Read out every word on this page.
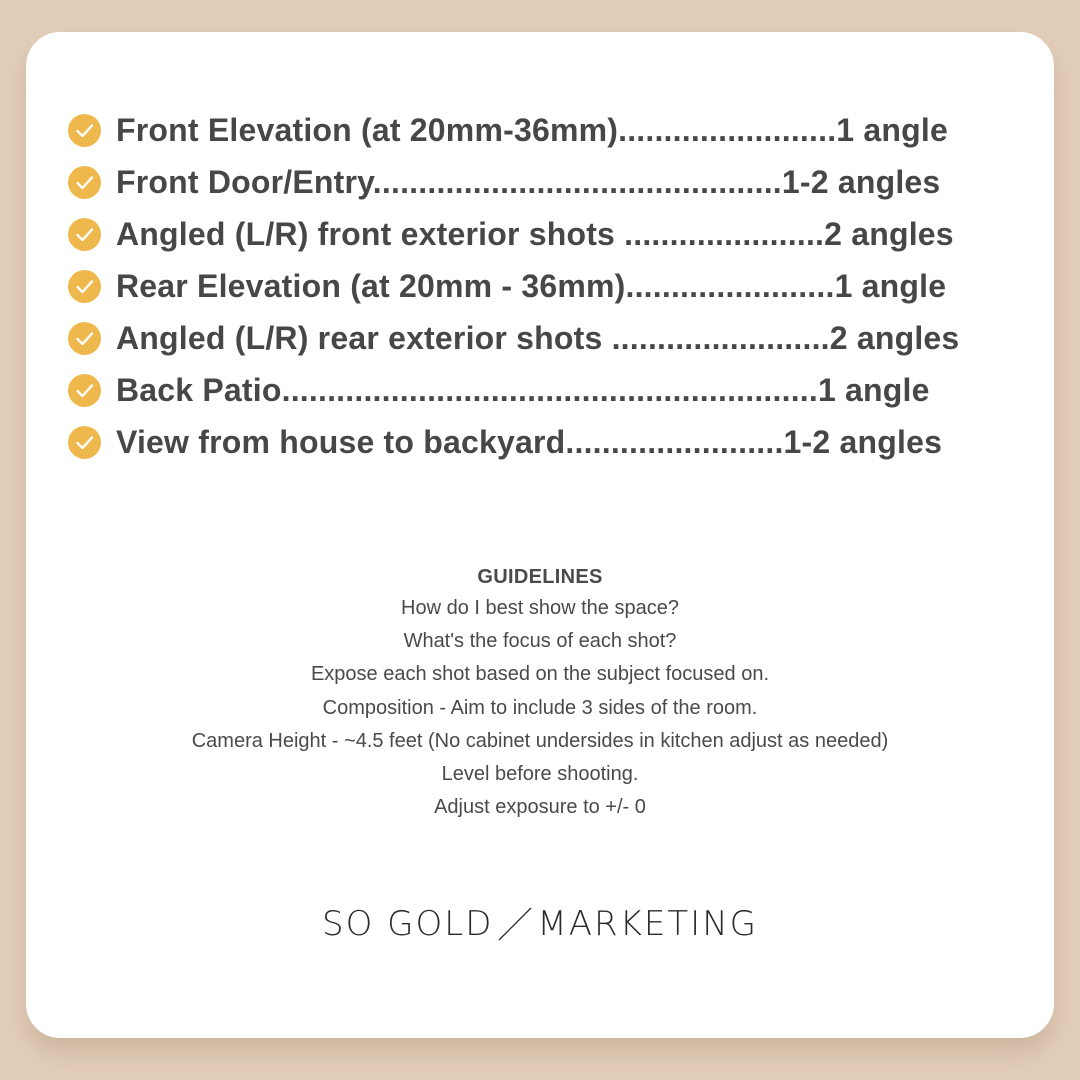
Front Elevation (at 20mm-36mm)........................1 angle
Front Door/Entry.............................................1-2 angles
Angled (L/R) front exterior shots ......................2 angles
Rear Elevation (at 20mm - 36mm).......................1 angle
Angled (L/R) rear exterior shots ........................2 angles
Back Patio...........................................................1 angle
View from house to backyard........................1-2 angles
GUIDELINES
How do I best show the space?
What's the focus of each shot?
Expose each shot based on the subject focused on.
Composition - Aim to include 3 sides of the room.
Camera Height - ~4.5 feet (No cabinet undersides in kitchen adjust as needed)
Level before shooting.
Adjust exposure to +/- 0
SO GOLD MARKETING
